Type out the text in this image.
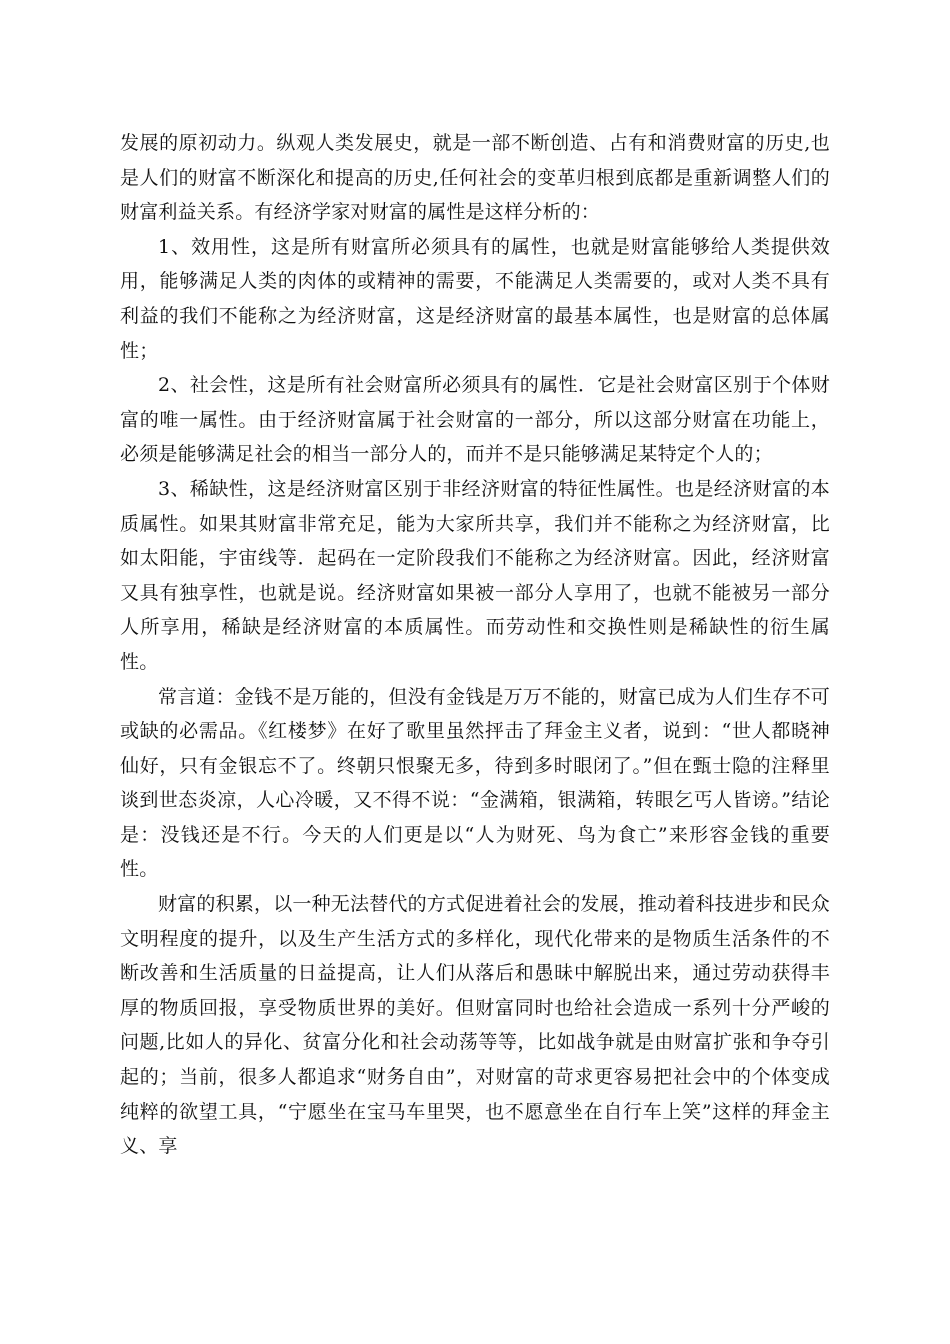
发展的原初动力。纵观人类发展史，就是一部不断创造、占有和消费财富的历史,也是人们的财富不断深化和提高的历史,任何社会的变革归根到底都是重新调整人们的财富利益关系。有经济学家对财富的属性是这样分析的：

1、效用性，这是所有财富所必须具有的属性，也就是财富能够给人类提供效用，能够满足人类的肉体的或精神的需要，不能满足人类需要的，或对人类不具有利益的我们不能称之为经济财富，这是经济财富的最基本属性，也是财富的总体属性；

2、社会性，这是所有社会财富所必须具有的属性．它是社会财富区别于个体财富的唯一属性。由于经济财富属于社会财富的一部分，所以这部分财富在功能上，必须是能够满足社会的相当一部分人的，而并不是只能够满足某特定个人的；

3、稀缺性，这是经济财富区别于非经济财富的特征性属性。也是经济财富的本质属性。如果其财富非常充足，能为大家所共享，我们并不能称之为经济财富，比如太阳能，宇宙线等．起码在一定阶段我们不能称之为经济财富。因此，经济财富又具有独享性，也就是说。经济财富如果被一部分人享用了，也就不能被另一部分人所享用，稀缺是经济财富的本质属性。而劳动性和交换性则是稀缺性的衍生属性。

常言道：金钱不是万能的，但没有金钱是万万不能的，财富已成为人们生存不可或缺的必需品。《红楼梦》在好了歌里虽然抨击了拜金主义者，说到：“世人都晓神仙好，只有金银忘不了。终朝只恨聚无多，待到多时眼闭了。”但在甄士隐的注释里谈到世态炎凉，人心冷暖，又不得不说：“金满箱，银满箱，转眼乞丐人皆谤。”结论是：没钱还是不行。今天的人们更是以“人为财死、鸟为食亡”来形容金钱的重要性。

财富的积累，以一种无法替代的方式促进着社会的发展，推动着科技进步和民众文明程度的提升，以及生产生活方式的多样化，现代化带来的是物质生活条件的不断改善和生活质量的日益提高，让人们从落后和愚昧中解脱出来，通过劳动获得丰厚的物质回报，享受物质世界的美好。但财富同时也给社会造成一系列十分严峻的问题,比如人的异化、贫富分化和社会动荡等等，比如战争就是由财富扩张和争夺引起的；当前，很多人都追求“财务自由”，对财富的苛求更容易把社会中的个体变成纯粹的欲望工具，“宁愿坐在宝马车里哭，也不愿意坐在自行车上笑”这样的拜金主义、享
